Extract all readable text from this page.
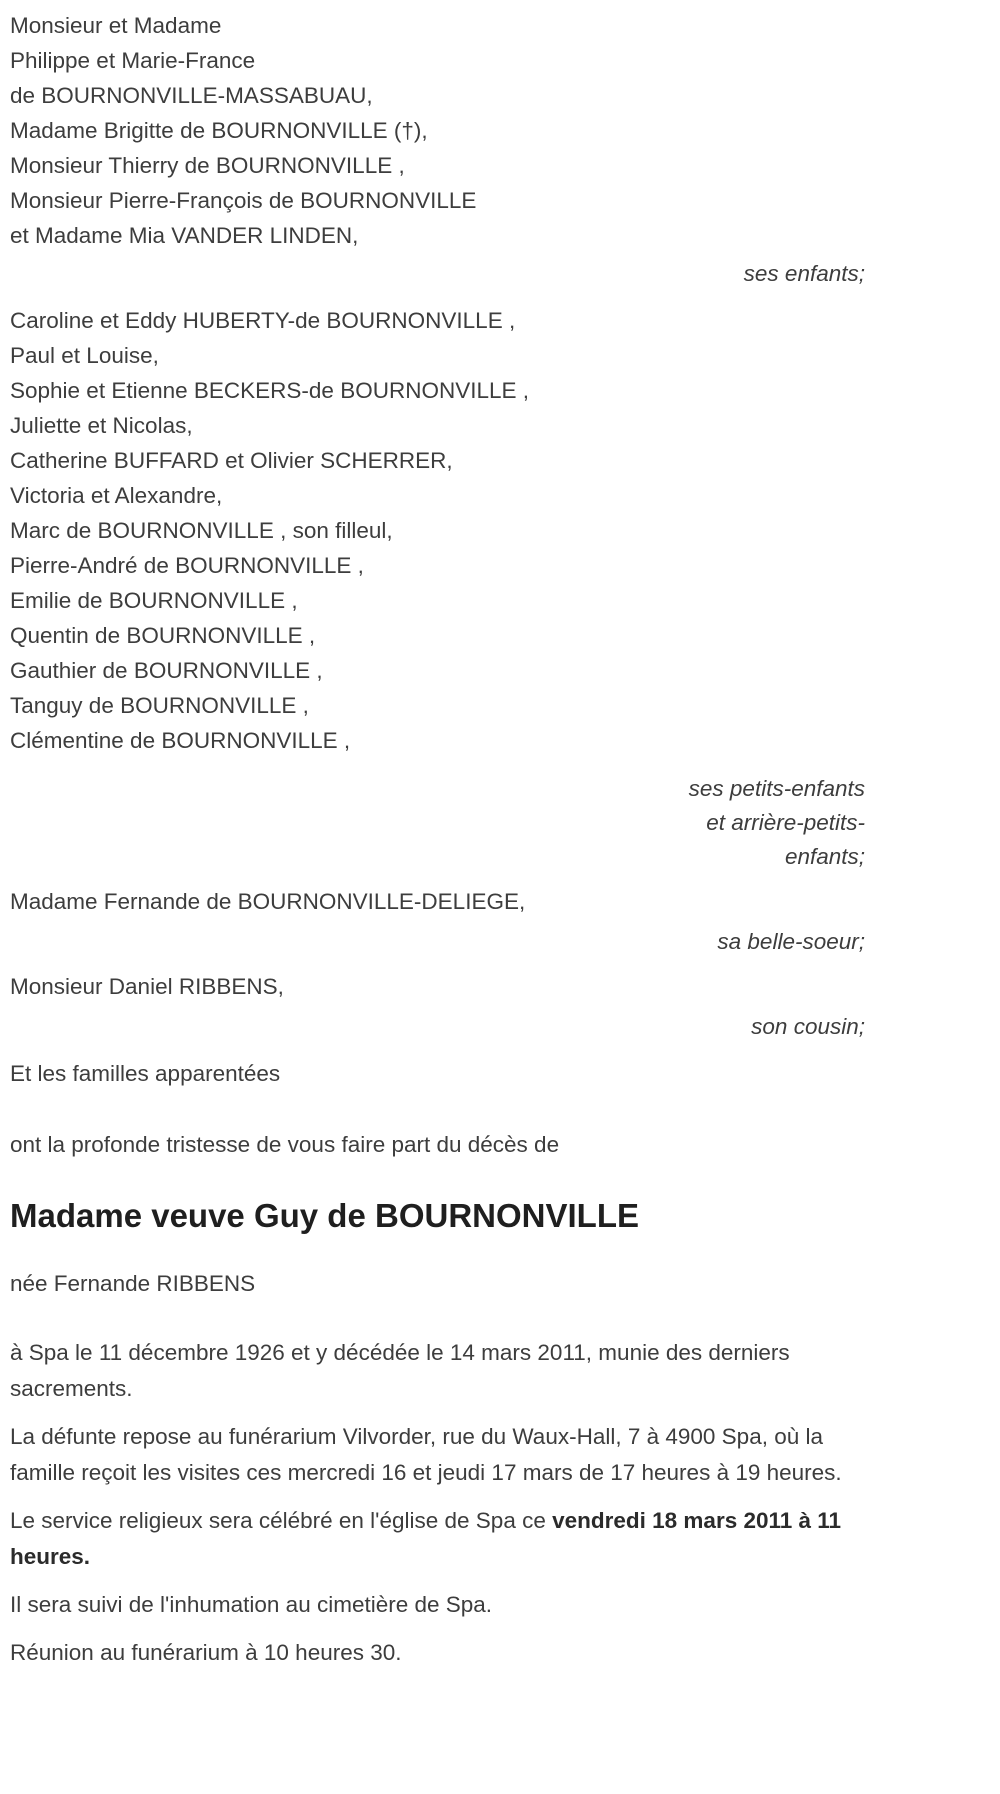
Monsieur et Madame
Philippe et Marie-France
de BOURNONVILLE-MASSABUAU,
Madame Brigitte de BOURNONVILLE (†),
Monsieur Thierry de BOURNONVILLE ,
Monsieur Pierre-François de BOURNONVILLE
et Madame Mia VANDER LINDEN,
ses enfants;
Caroline et Eddy HUBERTY-de BOURNONVILLE ,
Paul et Louise,
Sophie et Etienne BECKERS-de BOURNONVILLE ,
Juliette et Nicolas,
Catherine BUFFARD et Olivier SCHERRER,
Victoria et Alexandre,
Marc de BOURNONVILLE , son filleul,
Pierre-André de BOURNONVILLE ,
Emilie de BOURNONVILLE ,
Quentin de BOURNONVILLE ,
Gauthier de BOURNONVILLE ,
Tanguy de BOURNONVILLE ,
Clémentine de BOURNONVILLE ,
ses petits-enfants
et arrière-petits-
enfants;
Madame Fernande de BOURNONVILLE-DELIEGE,
sa belle-soeur;
Monsieur Daniel RIBBENS,
son cousin;
Et les familles apparentées
ont la profonde tristesse de vous faire part du décès de
Madame veuve Guy de BOURNONVILLE
née Fernande RIBBENS

à Spa le 11 décembre 1926 et y décédée le 14 mars 2011, munie des derniers sacrements.

La défunte repose au funérarium Vilvorder, rue du Waux-Hall, 7 à 4900 Spa, où la famille reçoit les visites ces mercredi 16 et jeudi 17 mars de 17 heures à 19 heures.

Le service religieux sera célébré en l'église de Spa ce vendredi 18 mars 2011 à 11 heures.

Il sera suivi de l'inhumation au cimetière de Spa.

Réunion au funérarium à 10 heures 30.
